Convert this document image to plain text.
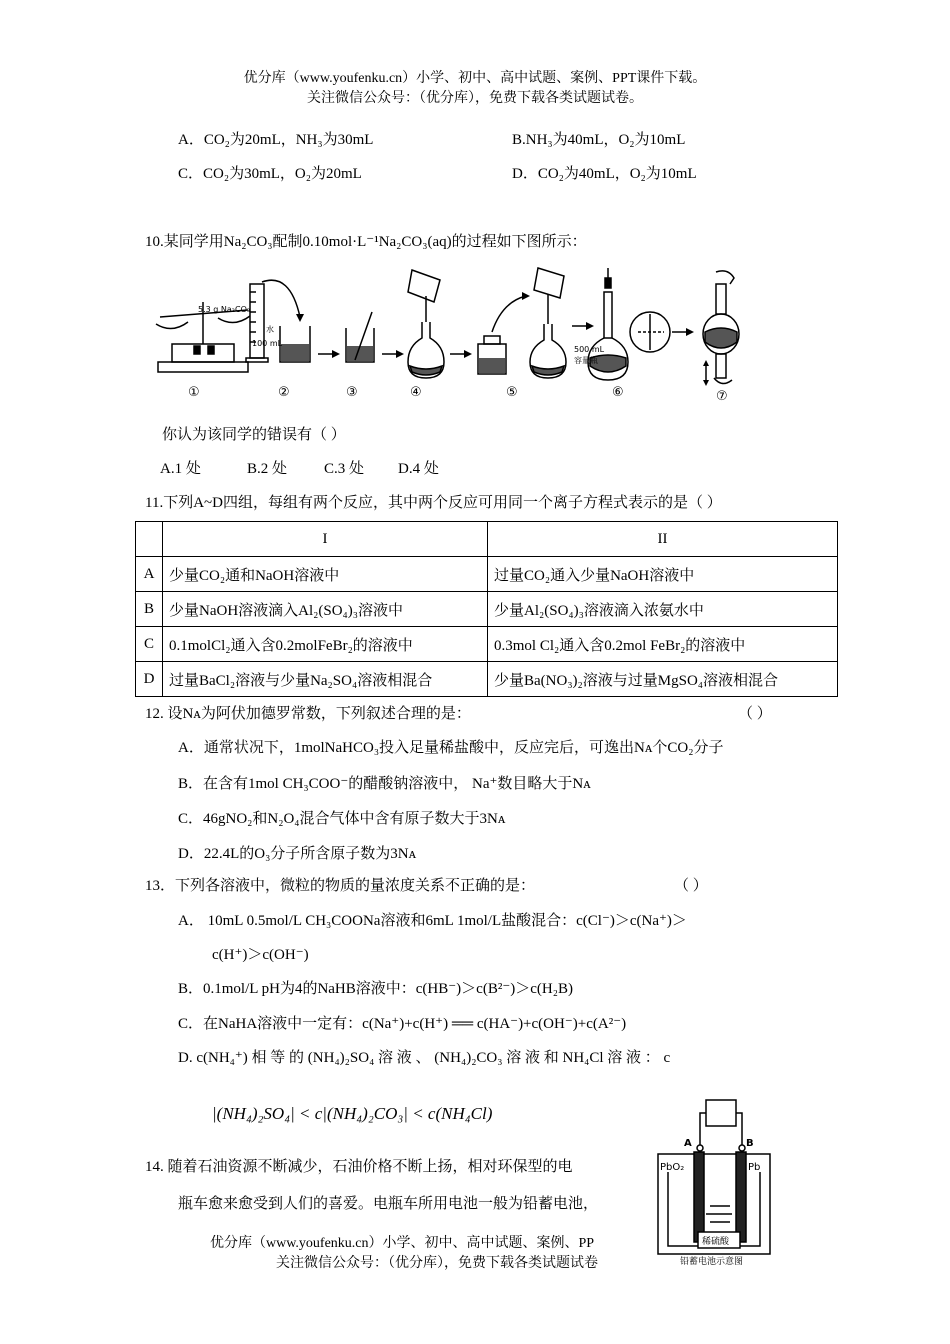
优分库（www.youfenku.cn）小学、初中、高中试题、案例、PPT课件下载。
关注微信公众号：（优分库），免费下载各类试题试卷。
A．CO₂为20mL，NH₃为30mL	B.NH₃为40mL，O₂为10mL
C．CO₂为30mL，O₂为20mL	D．CO₂为40mL，O₂为10mL
10.某同学用Na₂CO₃配制0.10mol·L⁻¹Na₂CO₃(aq)的过程如下图所示：
5.3 g Na₂CO₃
水
100 mL
500 mL
容量瓶
①	②	③	④	⑤	⑥	⑦
你认为该同学的错误有（ ）
A.1 处	B.2 处 C.3 处 D.4 处
11.下列A~D四组，每组有两个反应，其中两个反应可用同一个离子方程式表示的是（ ）
	I	II
A	少量CO₂通和NaOH溶液中	过量CO₂通入少量NaOH溶液中
B	少量NaOH溶液滴入Al₂(SO₄)₃溶液中	少量Al₂(SO₄)₃溶液滴入浓氨水中
C	0.1molCl₂通入含0.2molFeBr₂的溶液中	0.3mol Cl₂通入含0.2mol FeBr₂的溶液中
D	过量BaCl₂溶液与少量Na₂SO₄溶液相混合	少量Ba(NO₃)₂溶液与过量MgSO₄溶液相混合
12. 设Nᴀ为阿伏加德罗常数，下列叙述合理的是：	（ ）
A．通常状况下，1molNaHCO₃投入足量稀盐酸中，反应完后，可逸出Nᴀ个CO₂分子
B．在含有1mol CH₃COO⁻的醋酸钠溶液中， Na⁺数目略大于Nᴀ
C．46gNO₂和N₂O₄混合气体中含有原子数大于3Nᴀ
D．22.4L的O₃分子所含原子数为3Nᴀ
13．下列各溶液中，微粒的物质的量浓度关系不正确的是：	（ ）
A． 10mL 0.5mol/L CH₃COONa溶液和6mL 1mol/L盐酸混合：c(Cl⁻)＞c(Na⁺)＞
c(H⁺)＞c(OH⁻)
B．0.1mol/L pH为4的NaHB溶液中：c(HB⁻)＞c(B²⁻)＞c(H₂B)
C．在NaHA溶液中一定有：c(Na⁺)+c(H⁺) ══ c(HA⁻)+c(OH⁻)+c(A²⁻)
D. c(NH₄⁺) 相 等 的 (NH₄)₂SO₄ 溶 液 、 (NH₄)₂CO₃ 溶 液 和 NH₄Cl 溶 液 ： c
|(NH₄)₂SO₄| < c|(NH₄)₂CO₃| < c(NH₄Cl)
14. 随着石油资源不断减少，石油价格不断上扬，相对环保型的电
瓶车愈来愈受到人们的喜爱。电瓶车所用电池一般为铅蓄电池，
A	B
PbO₂	Pb
稀硫酸
铅蓄电池示意图
优分库（www.youfenku.cn）小学、初中、高中试题、案例、PP
关注微信公众号：（优分库），免费下载各类试题试卷
